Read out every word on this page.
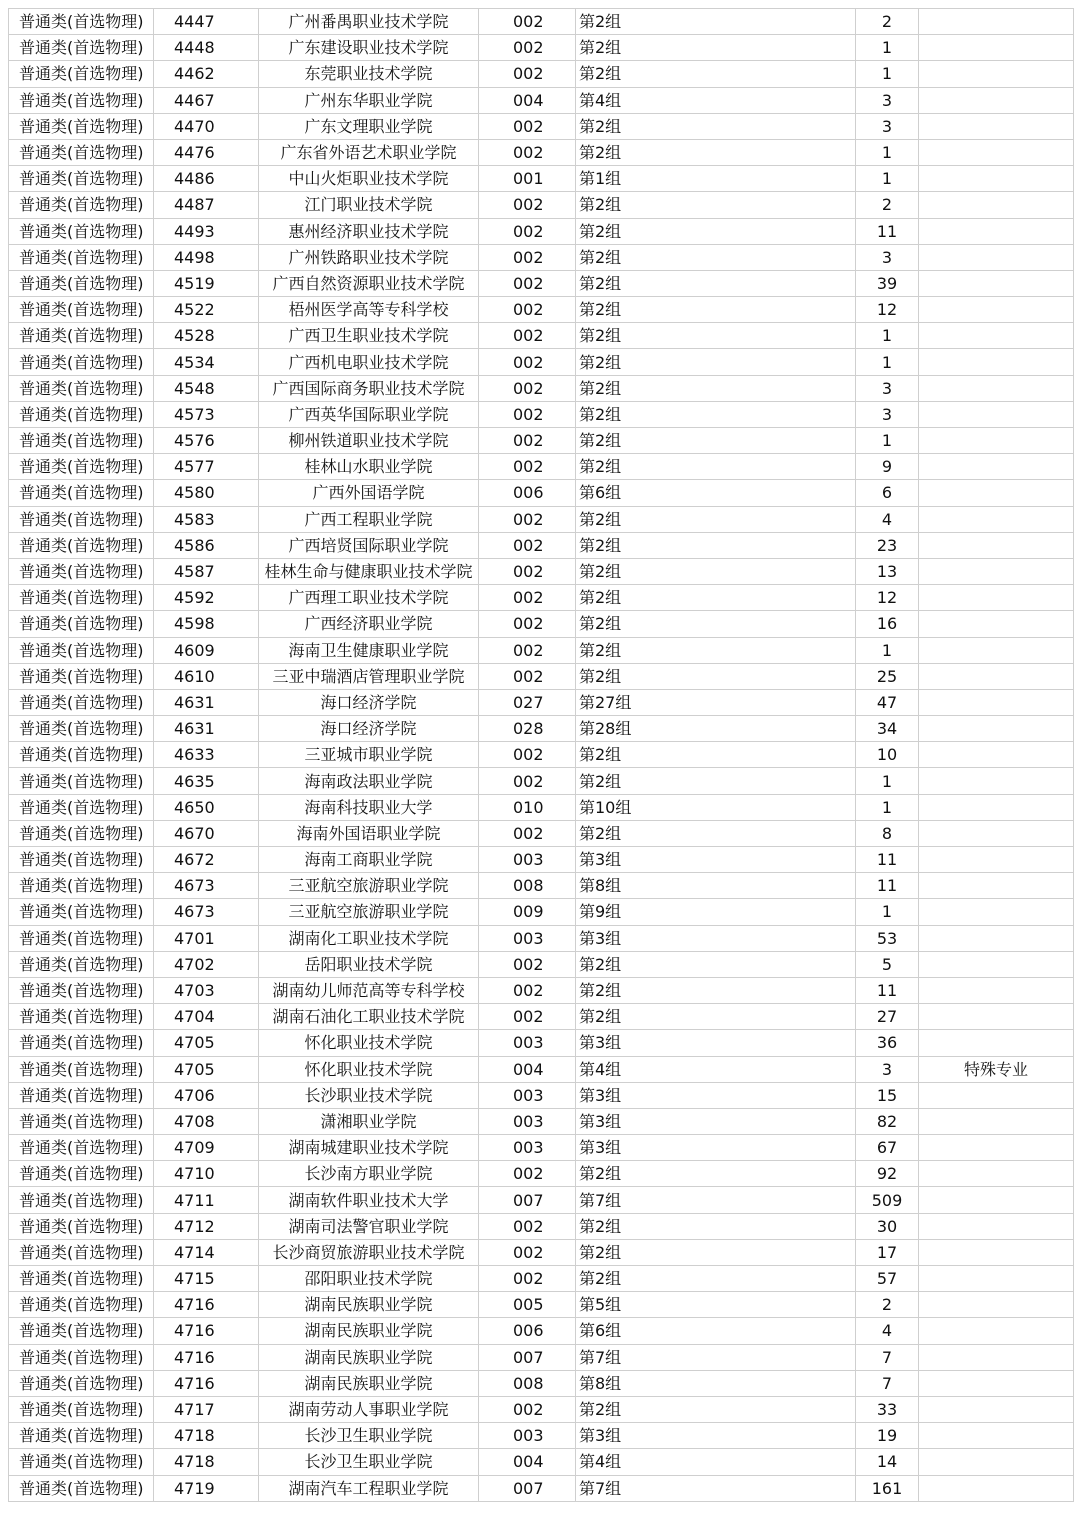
普通类(首选物理)	4447	广州番禺职业技术学院	002	第2组	2	
普通类(首选物理)	4448	广东建设职业技术学院	002	第2组	1	
普通类(首选物理)	4462	东莞职业技术学院	002	第2组	1	
普通类(首选物理)	4467	广州东华职业学院	004	第4组	3	
普通类(首选物理)	4470	广东文理职业学院	002	第2组	3	
普通类(首选物理)	4476	广东省外语艺术职业学院	002	第2组	1	
普通类(首选物理)	4486	中山火炬职业技术学院	001	第1组	1	
普通类(首选物理)	4487	江门职业技术学院	002	第2组	2	
普通类(首选物理)	4493	惠州经济职业技术学院	002	第2组	11	
普通类(首选物理)	4498	广州铁路职业技术学院	002	第2组	3	
普通类(首选物理)	4519	广西自然资源职业技术学院	002	第2组	39	
普通类(首选物理)	4522	梧州医学高等专科学校	002	第2组	12	
普通类(首选物理)	4528	广西卫生职业技术学院	002	第2组	1	
普通类(首选物理)	4534	广西机电职业技术学院	002	第2组	1	
普通类(首选物理)	4548	广西国际商务职业技术学院	002	第2组	3	
普通类(首选物理)	4573	广西英华国际职业学院	002	第2组	3	
普通类(首选物理)	4576	柳州铁道职业技术学院	002	第2组	1	
普通类(首选物理)	4577	桂林山水职业学院	002	第2组	9	
普通类(首选物理)	4580	广西外国语学院	006	第6组	6	
普通类(首选物理)	4583	广西工程职业学院	002	第2组	4	
普通类(首选物理)	4586	广西培贤国际职业学院	002	第2组	23	
普通类(首选物理)	4587	桂林生命与健康职业技术学院	002	第2组	13	
普通类(首选物理)	4592	广西理工职业技术学院	002	第2组	12	
普通类(首选物理)	4598	广西经济职业学院	002	第2组	16	
普通类(首选物理)	4609	海南卫生健康职业学院	002	第2组	1	
普通类(首选物理)	4610	三亚中瑞酒店管理职业学院	002	第2组	25	
普通类(首选物理)	4631	海口经济学院	027	第27组	47	
普通类(首选物理)	4631	海口经济学院	028	第28组	34	
普通类(首选物理)	4633	三亚城市职业学院	002	第2组	10	
普通类(首选物理)	4635	海南政法职业学院	002	第2组	1	
普通类(首选物理)	4650	海南科技职业大学	010	第10组	1	
普通类(首选物理)	4670	海南外国语职业学院	002	第2组	8	
普通类(首选物理)	4672	海南工商职业学院	003	第3组	11	
普通类(首选物理)	4673	三亚航空旅游职业学院	008	第8组	11	
普通类(首选物理)	4673	三亚航空旅游职业学院	009	第9组	1	
普通类(首选物理)	4701	湖南化工职业技术学院	003	第3组	53	
普通类(首选物理)	4702	岳阳职业技术学院	002	第2组	5	
普通类(首选物理)	4703	湖南幼儿师范高等专科学校	002	第2组	11	
普通类(首选物理)	4704	湖南石油化工职业技术学院	002	第2组	27	
普通类(首选物理)	4705	怀化职业技术学院	003	第3组	36	
普通类(首选物理)	4705	怀化职业技术学院	004	第4组	3	特殊专业
普通类(首选物理)	4706	长沙职业技术学院	003	第3组	15	
普通类(首选物理)	4708	潇湘职业学院	003	第3组	82	
普通类(首选物理)	4709	湖南城建职业技术学院	003	第3组	67	
普通类(首选物理)	4710	长沙南方职业学院	002	第2组	92	
普通类(首选物理)	4711	湖南软件职业技术大学	007	第7组	509	
普通类(首选物理)	4712	湖南司法警官职业学院	002	第2组	30	
普通类(首选物理)	4714	长沙商贸旅游职业技术学院	002	第2组	17	
普通类(首选物理)	4715	邵阳职业技术学院	002	第2组	57	
普通类(首选物理)	4716	湖南民族职业学院	005	第5组	2	
普通类(首选物理)	4716	湖南民族职业学院	006	第6组	4	
普通类(首选物理)	4716	湖南民族职业学院	007	第7组	7	
普通类(首选物理)	4716	湖南民族职业学院	008	第8组	7	
普通类(首选物理)	4717	湖南劳动人事职业学院	002	第2组	33	
普通类(首选物理)	4718	长沙卫生职业学院	003	第3组	19	
普通类(首选物理)	4718	长沙卫生职业学院	004	第4组	14	
普通类(首选物理)	4719	湖南汽车工程职业学院	007	第7组	161	
